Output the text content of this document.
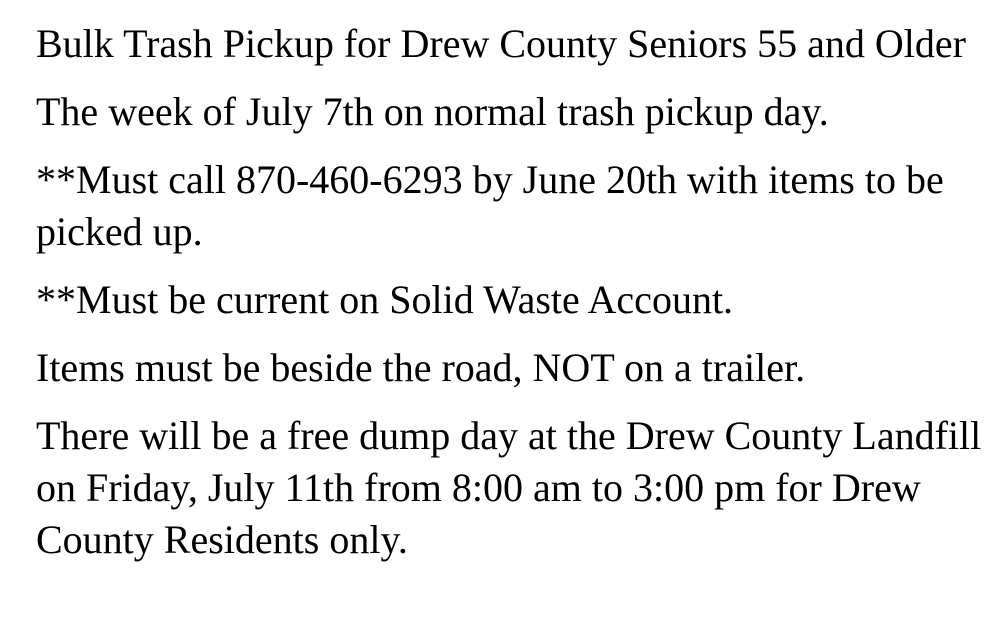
Bulk Trash Pickup for Drew County Seniors 55 and Older

The week of July 7th on normal trash pickup day.

**Must call 870-460-6293 by June 20th with items to be picked up.

**Must be current on Solid Waste Account.

Items must be beside the road, NOT on a trailer.

There will be a free dump day at the Drew County Landfill on Friday, July 11th from 8:00 am to 3:00 pm for Drew County Residents only.
